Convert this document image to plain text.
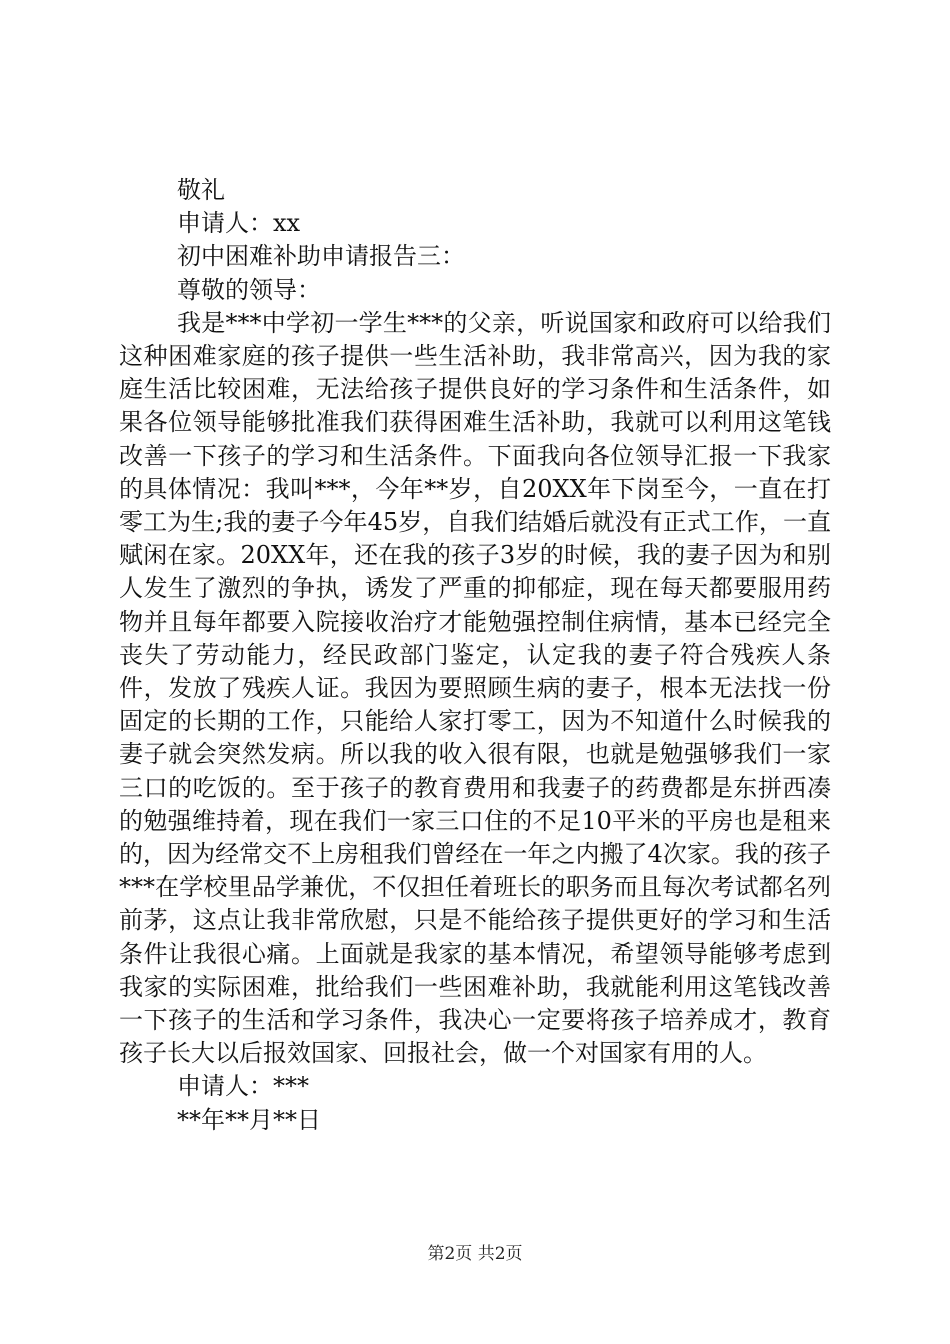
敬礼
申请人：xx
初中困难补助申请报告三：
尊敬的领导：
我是***中学初一学生***的父亲，听说国家和政府可以给我们这种困难家庭的孩子提供一些生活补助，我非常高兴，因为我的家庭生活比较困难，无法给孩子提供良好的学习条件和生活条件，如果各位领导能够批准我们获得困难生活补助，我就可以利用这笔钱改善一下孩子的学习和生活条件。下面我向各位领导汇报一下我家的具体情况：我叫***，今年**岁，自20XX年下岗至今，一直在打零工为生;我的妻子今年45岁，自我们结婚后就没有正式工作，一直赋闲在家。20XX年，还在我的孩子3岁的时候，我的妻子因为和别人发生了激烈的争执，诱发了严重的抑郁症，现在每天都要服用药物并且每年都要入院接收治疗才能勉强控制住病情，基本已经完全丧失了劳动能力，经民政部门鉴定，认定我的妻子符合残疾人条件，发放了残疾人证。我因为要照顾生病的妻子，根本无法找一份固定的长期的工作，只能给人家打零工，因为不知道什么时候我的妻子就会突然发病。所以我的收入很有限，也就是勉强够我们一家三口的吃饭的。至于孩子的教育费用和我妻子的药费都是东拼西凑的勉强维持着，现在我们一家三口住的不足10平米的平房也是租来的，因为经常交不上房租我们曾经在一年之内搬了4次家。我的孩子***在学校里品学兼优，不仅担任着班长的职务而且每次考试都名列前茅，这点让我非常欣慰，只是不能给孩子提供更好的学习和生活条件让我很心痛。上面就是我家的基本情况，希望领导能够考虑到我家的实际困难，批给我们一些困难补助，我就能利用这笔钱改善一下孩子的生活和学习条件，我决心一定要将孩子培养成才，教育孩子长大以后报效国家、回报社会，做一个对国家有用的人。
申请人：***
**年**月**日
第2页 共2页
